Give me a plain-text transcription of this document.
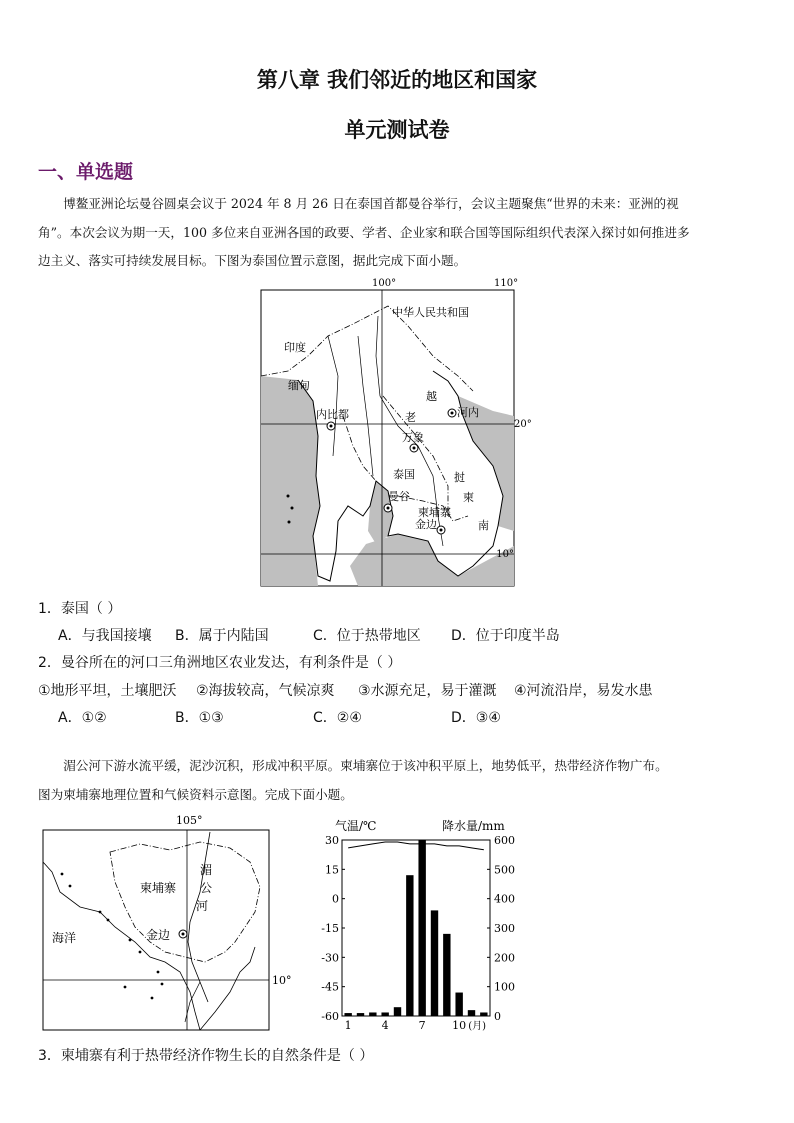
第八章 我们邻近的地区和国家
单元测试卷
一、单选题
博鳌亚洲论坛曼谷圆桌会议于 2024 年 8 月 26 日在泰国首都曼谷举行，会议主题聚焦“世界的未来：亚洲的视
角”。本次会议为期一天，100 多位来自亚洲各国的政要、学者、企业家和联合国等国际组织代表深入探讨如何推进多
边主义、落实可持续发展目标。下图为泰国位置示意图，据此完成下面小题。
100°	110°
20°
10°
中华人民共和国
印度
缅甸
泰国
越
老
柬
挝
南
内比都	河内
万象
曼谷
柬埔寨
金边
1．泰国（ ）
A．与我国接壤 B．属于内陆国	C．位于热带地区 D．位于印度半岛
2．曼谷所在的河口三角洲地区农业发达，有利条件是（ ）
①地形平坦，土壤肥沃 ②海拔较高，气候凉爽 ③水源充足，易于灌溉 ④河流沿岸，易发水患
A．①②	B．①③	C．②④	D．③④
湄公河下游水流平缓，泥沙沉积，形成冲积平原。柬埔寨位于该冲积平原上，地势低平，热带经济作物广布。
图为柬埔寨地理位置和气候资料示意图。完成下面小题。
105°
10°
柬埔寨
湄
公
河
金边
海洋
气温/℃	降水量/mm
30
15
0
-15
-30
-45
-60
600
500
400
300
200
100
0
1	4	7 10 (月)
3．柬埔寨有利于热带经济作物生长的自然条件是（ ）
